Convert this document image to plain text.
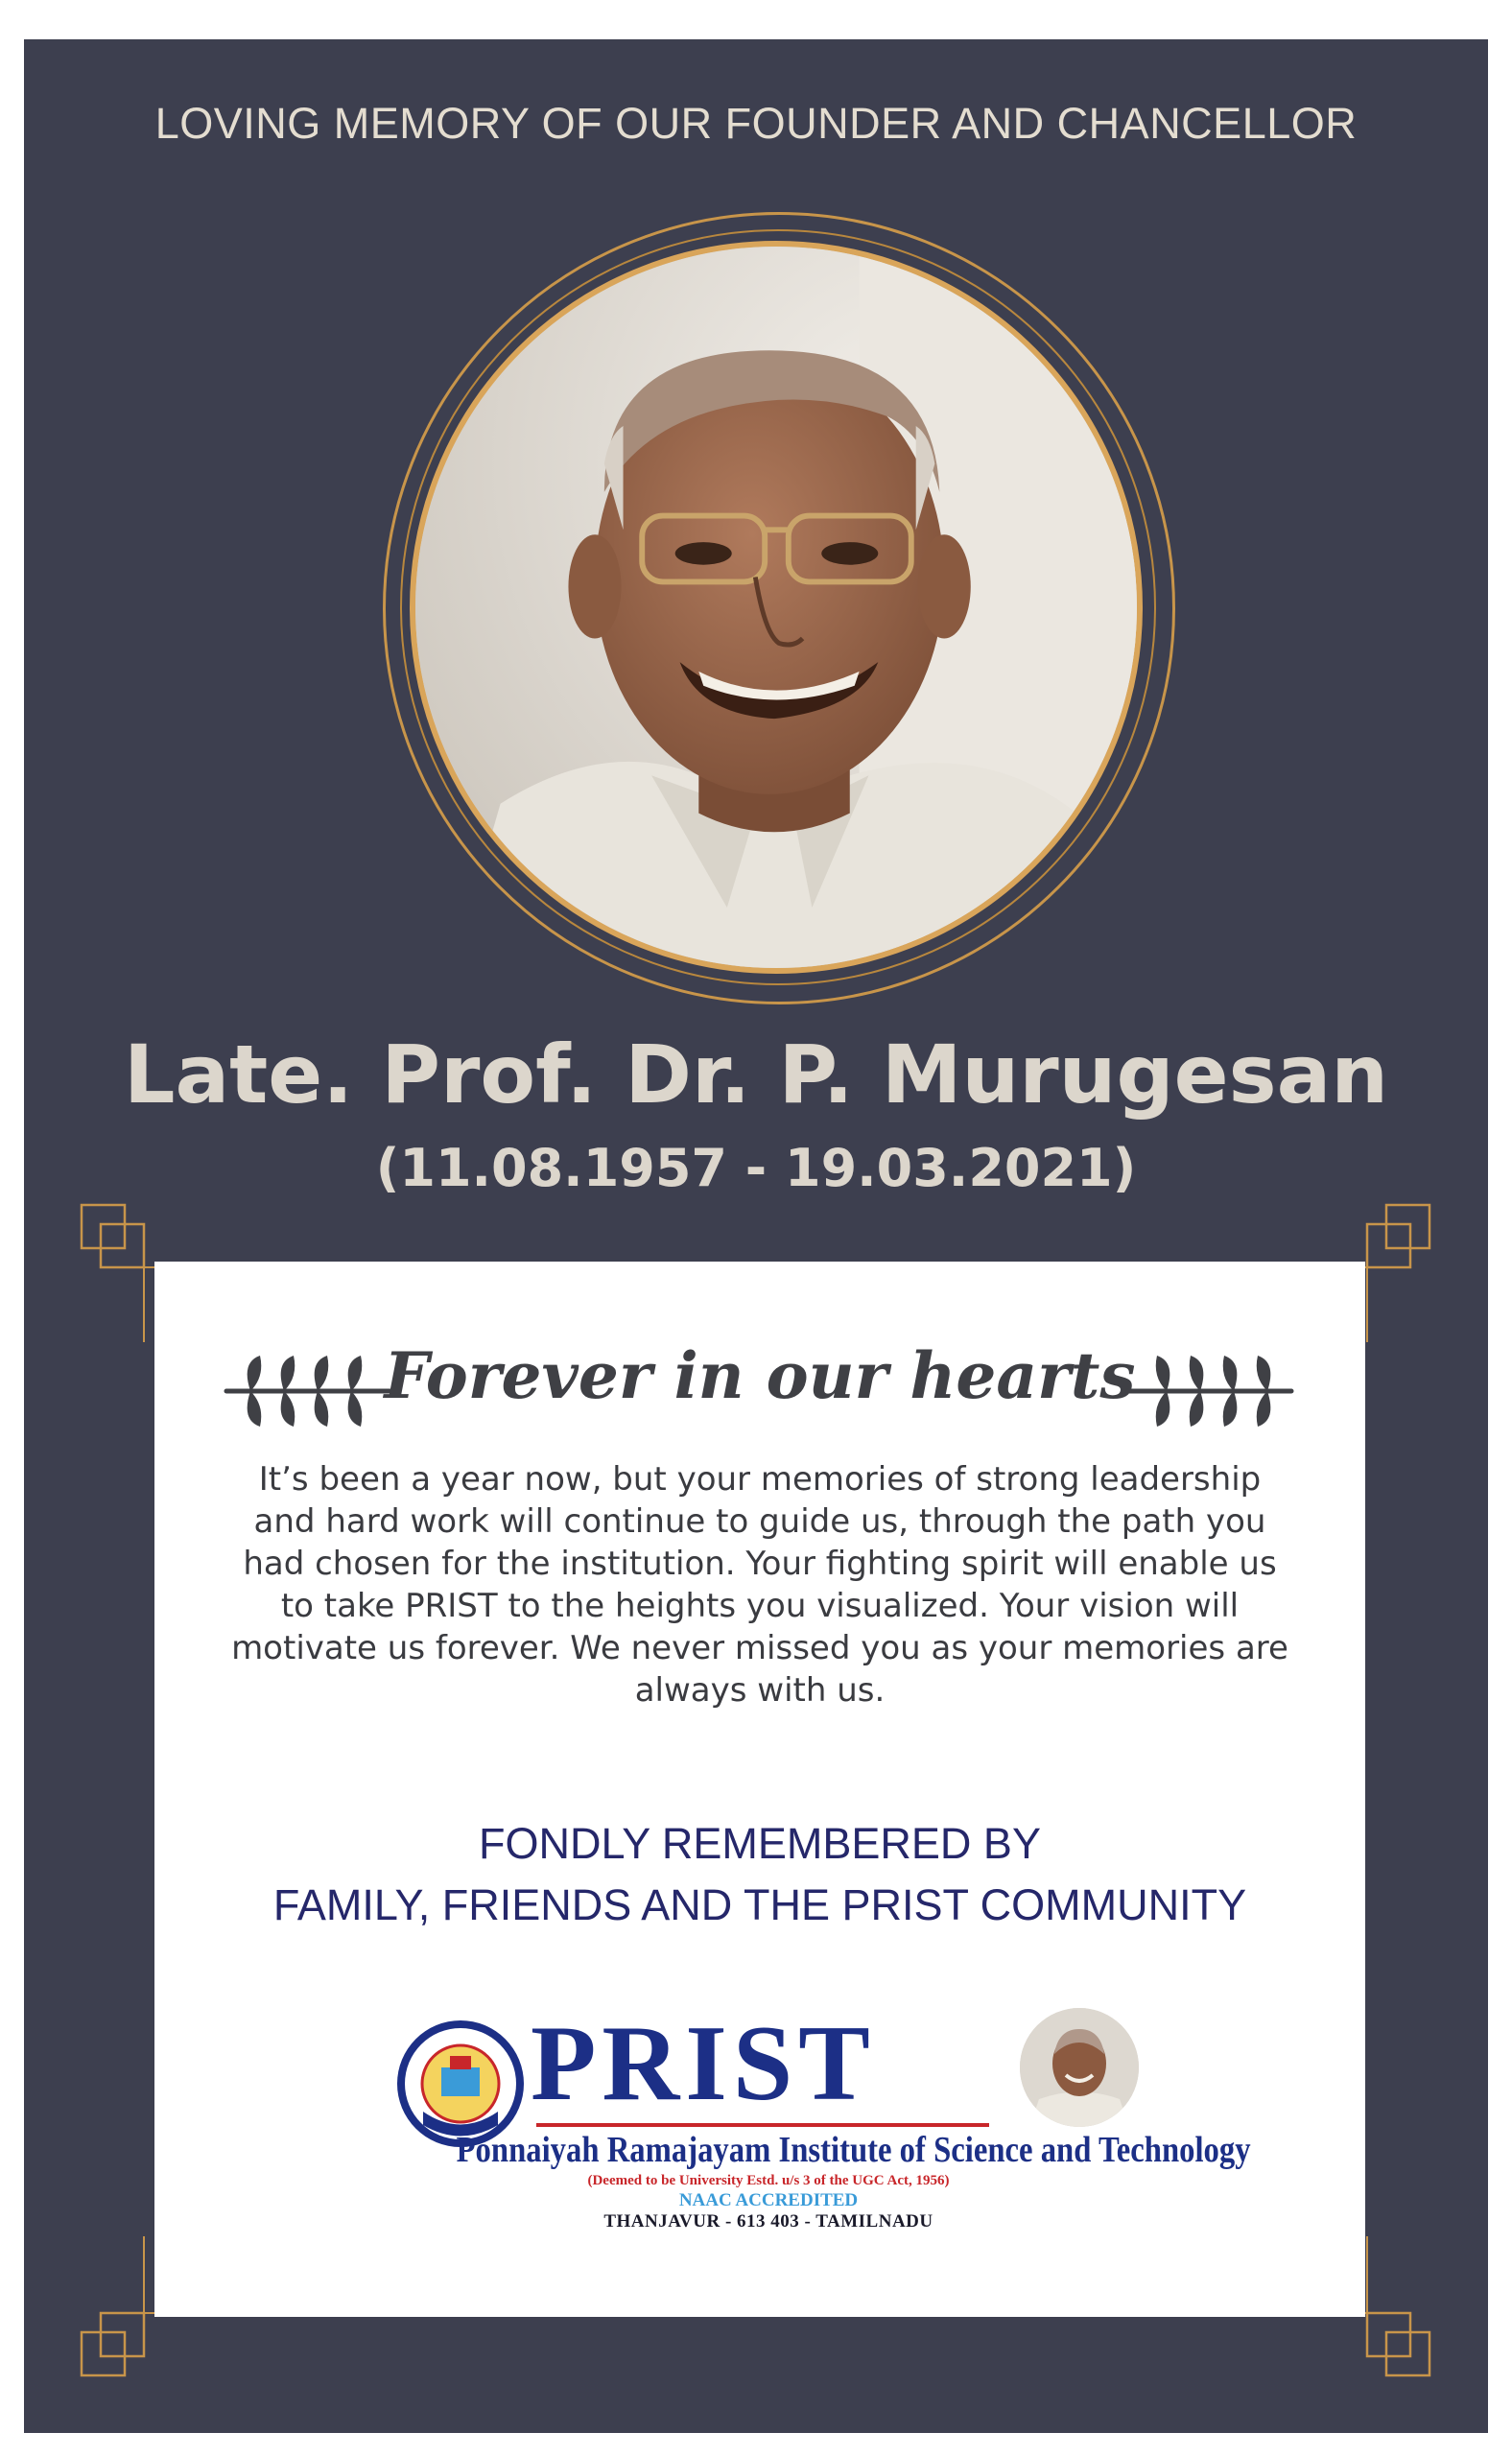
LOVING MEMORY OF OUR FOUNDER AND CHANCELLOR
Late. Prof. Dr. P. Murugesan
(11.08.1957 - 19.03.2021)
Forever in our hearts
It’s been a year now, but your memories of strong leadership and hard work will continue to guide us, through the path you had chosen for the institution. Your fighting spirit will enable us to take PRIST to the heights you visualized. Your vision will motivate us forever. We never missed you as your memories are always with us.
FONDLY REMEMBERED BY
FAMILY, FRIENDS AND THE PRIST COMMUNITY
PRIST
Ponnaiyah Ramajayam Institute of Science and Technology
(Deemed to be University Estd. u/s 3 of the UGC Act, 1956)
NAAC ACCREDITED
THANJAVUR - 613 403 - TAMILNADU
